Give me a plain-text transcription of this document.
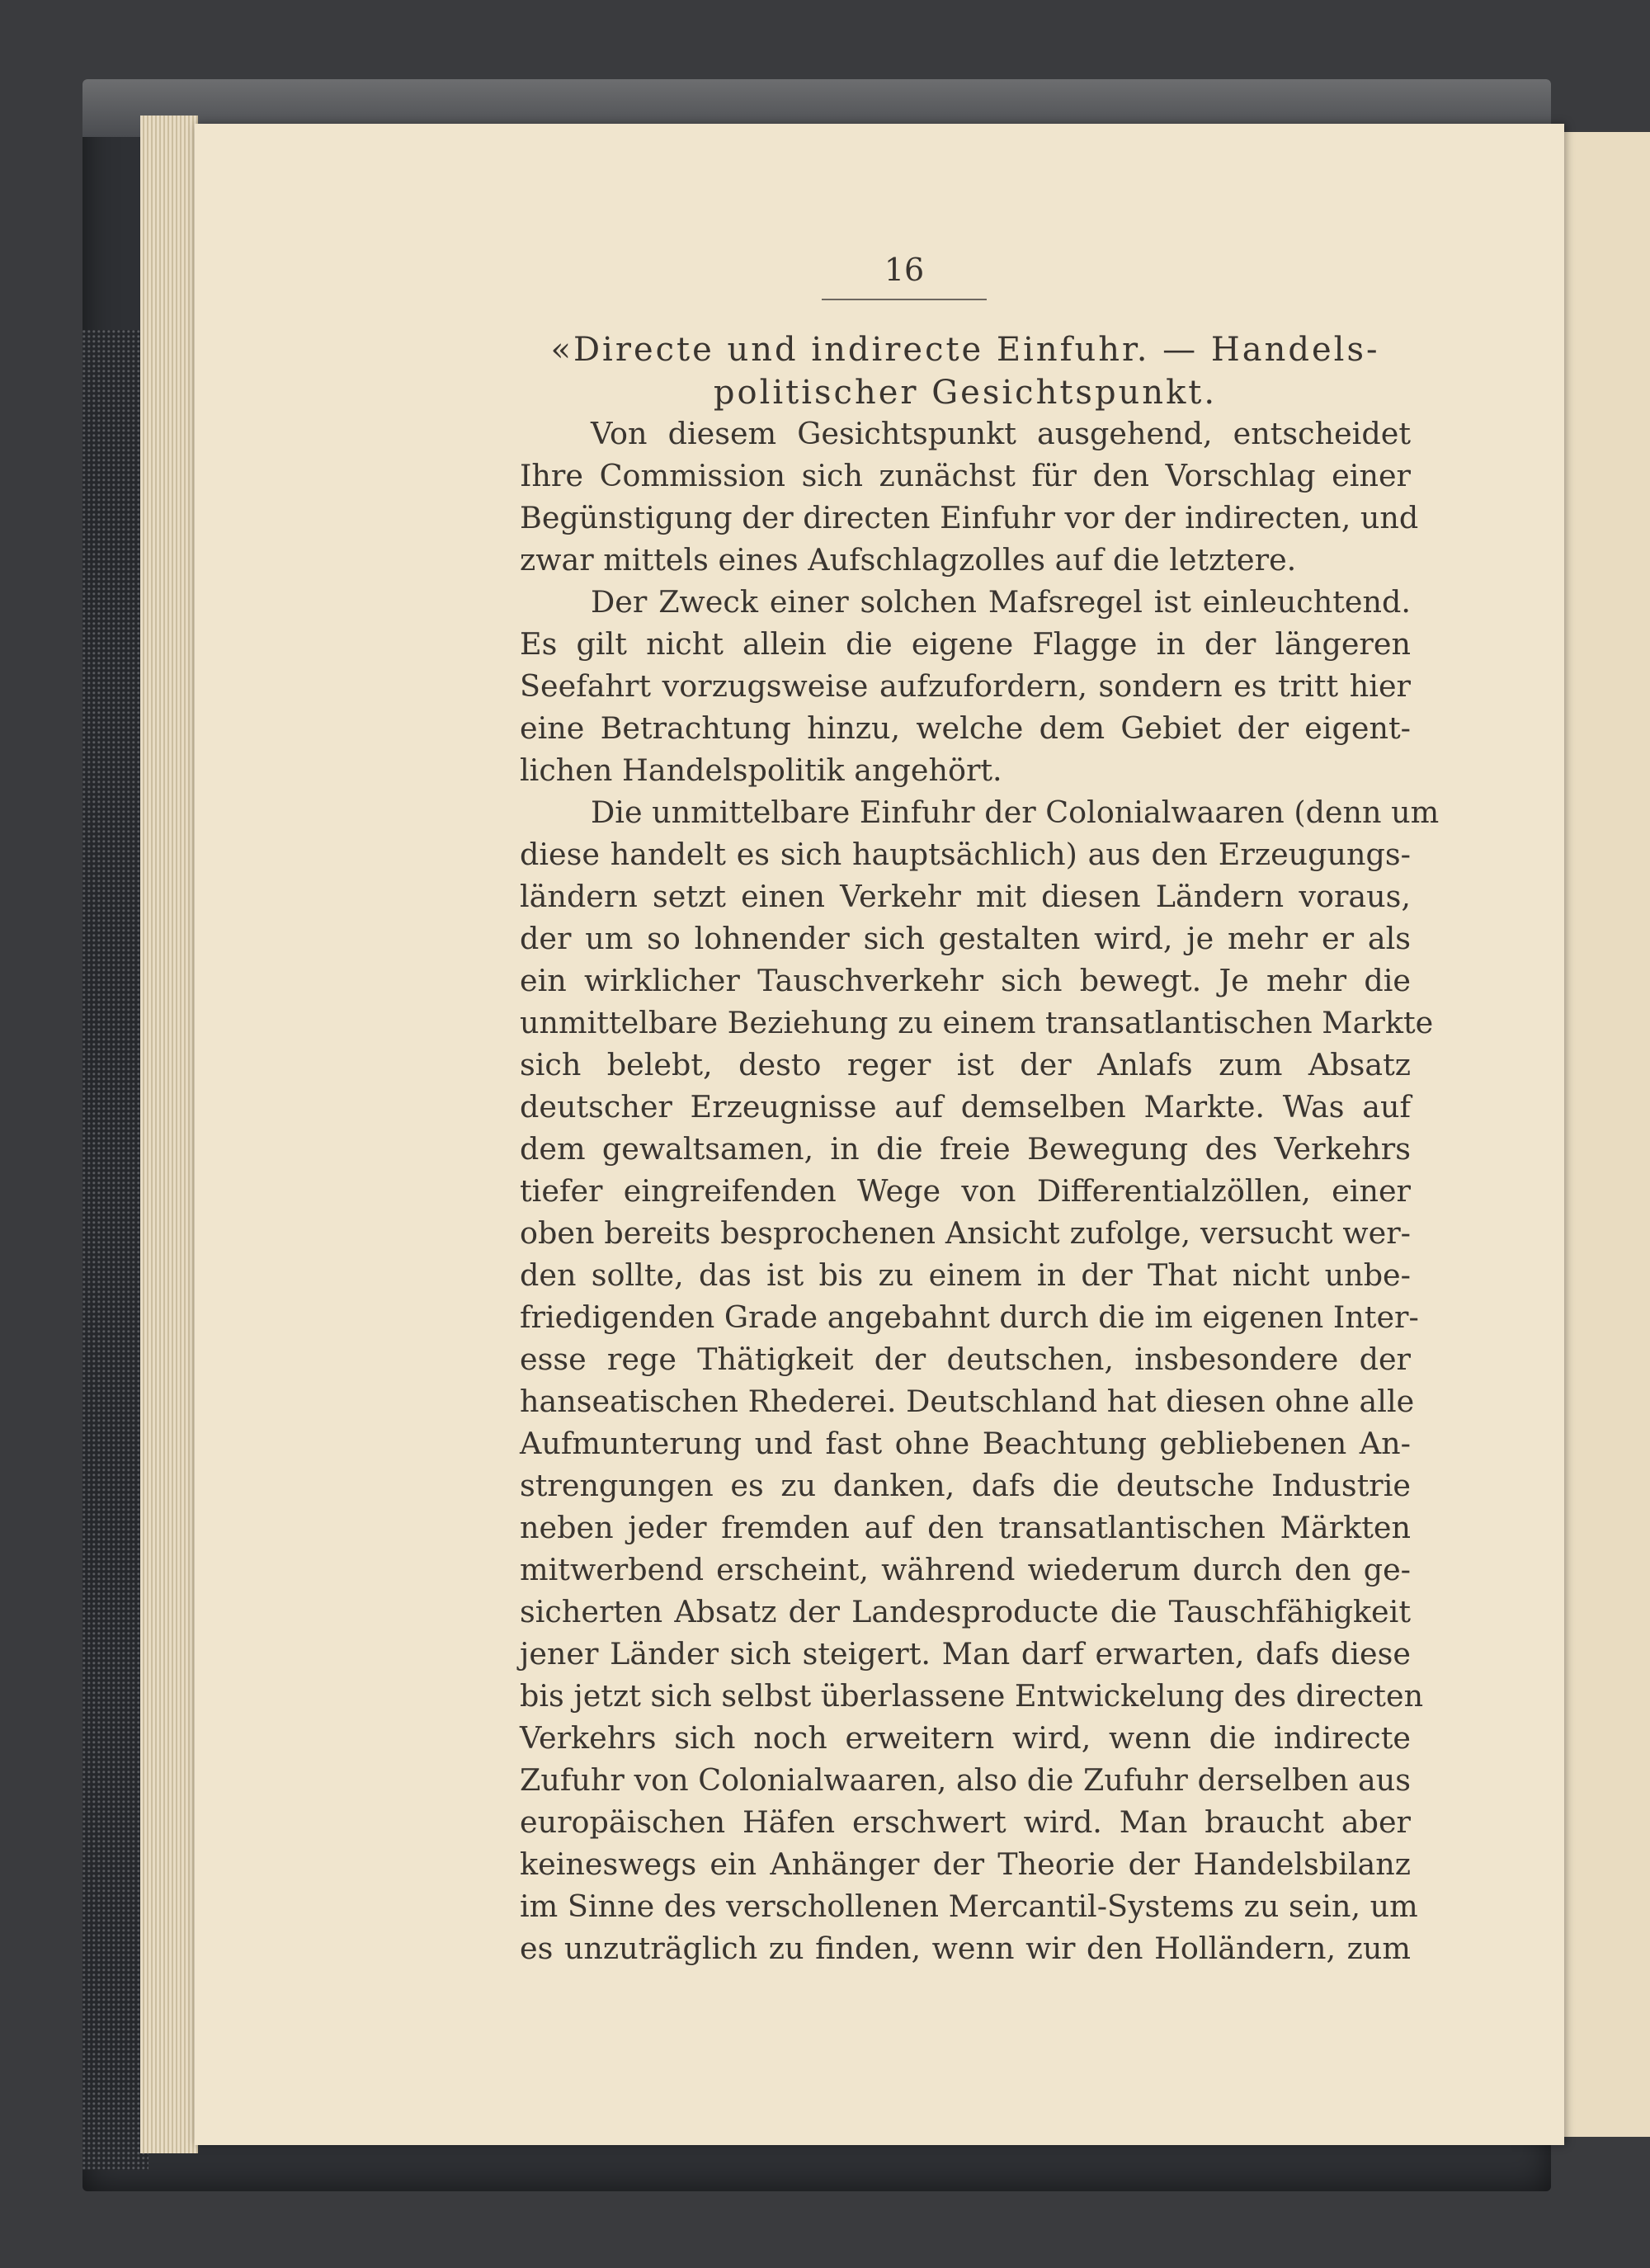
16
«Directe und indirecte Einfuhr. — Handels-
politischer Gesichtspunkt.
Von diesem Gesichtspunkt ausgehend, entscheidet
Ihre Commission sich zunächst für den Vorschlag einer
Begünstigung der directen Einfuhr vor der indirecten, und
zwar mittels eines Aufschlagzolles auf die letztere.
Der Zweck einer solchen Mafsregel ist einleuchtend.
Es gilt nicht allein die eigene Flagge in der längeren
Seefahrt vorzugsweise aufzufordern, sondern es tritt hier
eine Betrachtung hinzu, welche dem Gebiet der eigent-
lichen Handelspolitik angehört.
Die unmittelbare Einfuhr der Colonialwaaren (denn um
diese handelt es sich hauptsächlich) aus den Erzeugungs-
ländern setzt einen Verkehr mit diesen Ländern voraus,
der um so lohnender sich gestalten wird, je mehr er als
ein wirklicher Tauschverkehr sich bewegt. Je mehr die
unmittelbare Beziehung zu einem transatlantischen Markte
sich belebt, desto reger ist der Anlafs zum Absatz
deutscher Erzeugnisse auf demselben Markte. Was auf
dem gewaltsamen, in die freie Bewegung des Verkehrs
tiefer eingreifenden Wege von Differentialzöllen, einer
oben bereits besprochenen Ansicht zufolge, versucht wer-
den sollte, das ist bis zu einem in der That nicht unbe-
friedigenden Grade angebahnt durch die im eigenen Inter-
esse rege Thätigkeit der deutschen, insbesondere der
hanseatischen Rhederei. Deutschland hat diesen ohne alle
Aufmunterung und fast ohne Beachtung gebliebenen An-
strengungen es zu danken, dafs die deutsche Industrie
neben jeder fremden auf den transatlantischen Märkten
mitwerbend erscheint, während wiederum durch den ge-
sicherten Absatz der Landesproducte die Tauschfähigkeit
jener Länder sich steigert. Man darf erwarten, dafs diese
bis jetzt sich selbst überlassene Entwickelung des directen
Verkehrs sich noch erweitern wird, wenn die indirecte
Zufuhr von Colonialwaaren, also die Zufuhr derselben aus
europäischen Häfen erschwert wird. Man braucht aber
keineswegs ein Anhänger der Theorie der Handelsbilanz
im Sinne des verschollenen Mercantil-Systems zu sein, um
es unzuträglich zu finden, wenn wir den Holländern, zum
